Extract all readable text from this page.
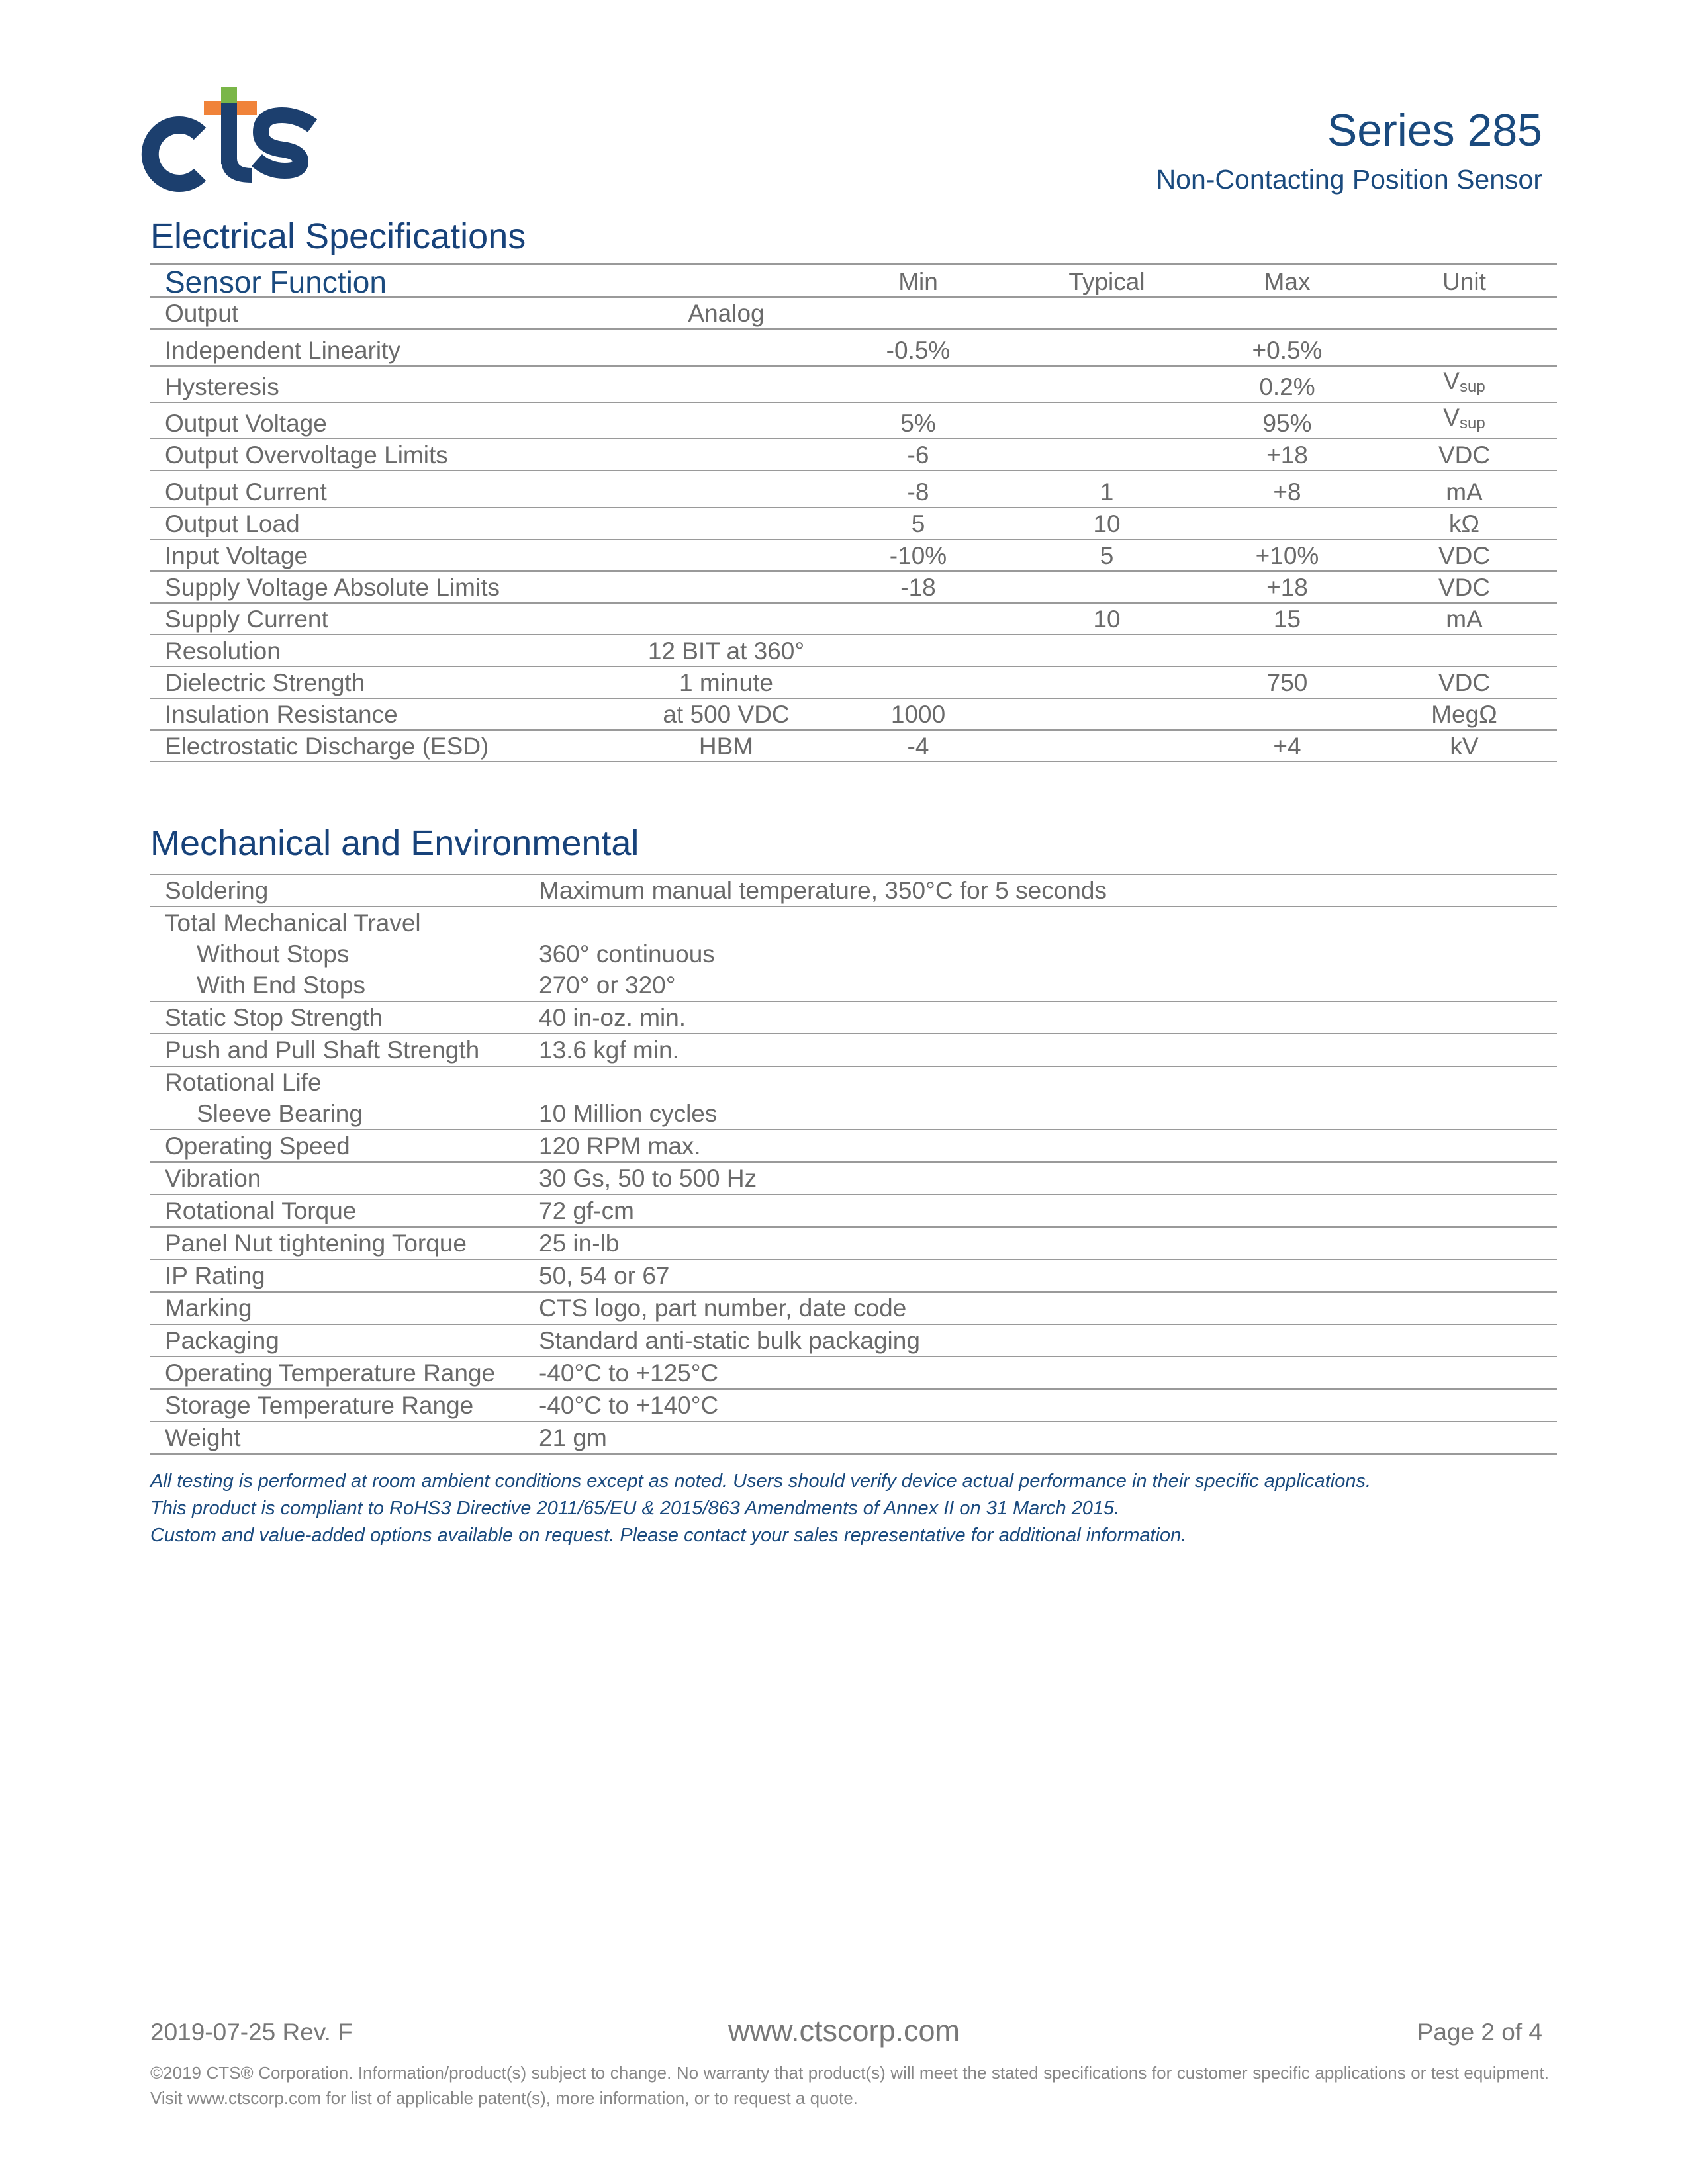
Series 285
Non-Contacting Position Sensor
Electrical Specifications
Sensor Function		Min	Typical	Max	Unit
Output	Analog				
Independent Linearity		-0.5%		+0.5%	
Hysteresis				0.2%	$V_{sup}$
Output Voltage		5%		95%	$V_{sup}$
Output Overvoltage Limits		-6		+18	VDC
Output Current		-8	1	+8	mA
Output Load		5	10		kΩ
Input Voltage		-10%	5	+10%	VDC
Supply Voltage Absolute Limits		-18		+18	VDC
Supply Current			10	15	mA
Resolution	12 BIT at 360°				
Dielectric Strength	1 minute			750	VDC
Insulation Resistance	at 500 VDC	1000			MegΩ
Electrostatic Discharge (ESD)	HBM	-4		+4	kV
Mechanical and Environmental
Soldering	Maximum manual temperature, 350°C for 5 seconds
Total Mechanical Travel	
Without Stops	360° continuous
With End Stops	270° or 320°
Static Stop Strength	40 in-oz. min.
Push and Pull Shaft Strength	13.6 kgf min.
Rotational Life	
Sleeve Bearing	10 Million cycles
Operating Speed	120 RPM max.
Vibration	30 Gs, 50 to 500 Hz
Rotational Torque	72 gf-cm
Panel Nut tightening Torque	25 in-lb
IP Rating	50, 54 or 67
Marking	CTS logo, part number, date code
Packaging	Standard anti-static bulk packaging
Operating Temperature Range	-40°C to +125°C
Storage Temperature Range	-40°C to +140°C
Weight	21 gm
All testing is performed at room ambient conditions except as noted. Users should verify device actual performance in their specific applications.
This product is compliant to RoHS3 Directive 2011/65/EU & 2015/863 Amendments of Annex II on 31 March 2015.
Custom and value-added options available on request. Please contact your sales representative for additional information.
2019-07-25 Rev. F	www.ctscorp.com	Page 2 of 4
©2019 CTS® Corporation. Information/product(s) subject to change. No warranty that product(s) will meet the stated specifications for customer specific applications or test equipment. Visit www.ctscorp.com for list of applicable patent(s), more information, or to request a quote.
